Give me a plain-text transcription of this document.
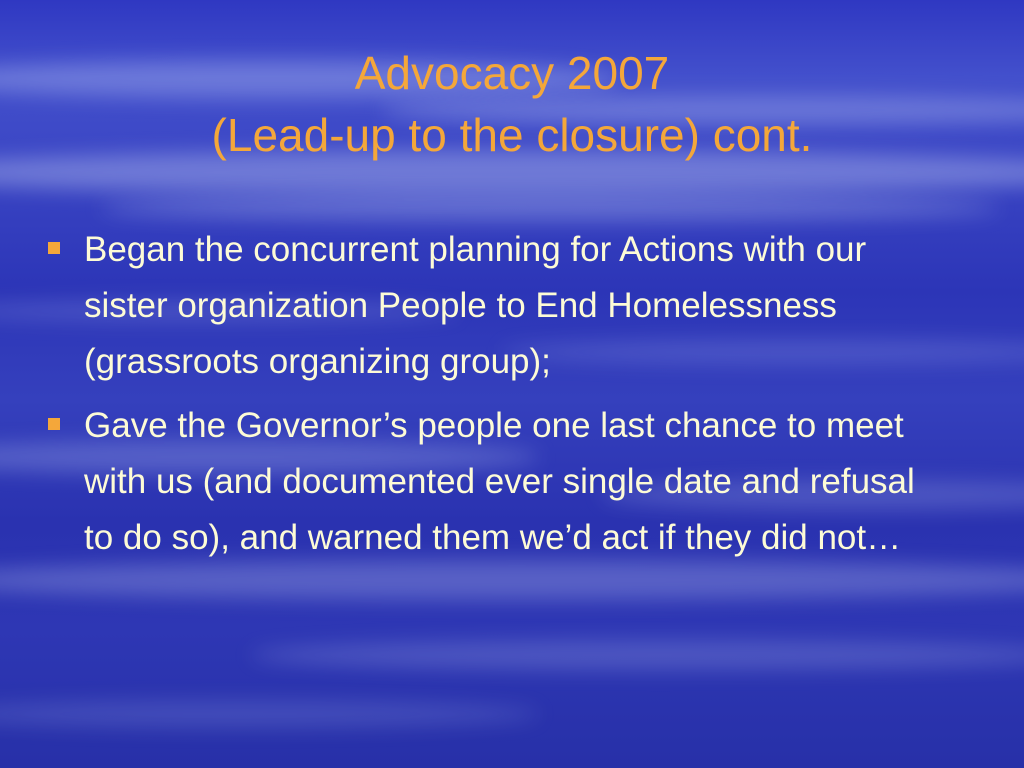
Advocacy 2007
(Lead-up to the closure) cont.
Began the concurrent planning for Actions with our sister organization People to End Homelessness (grassroots organizing group);
Gave the Governor’s people one last chance to meet with us (and documented ever single date and refusal to do so), and warned them we’d act if they did not…
